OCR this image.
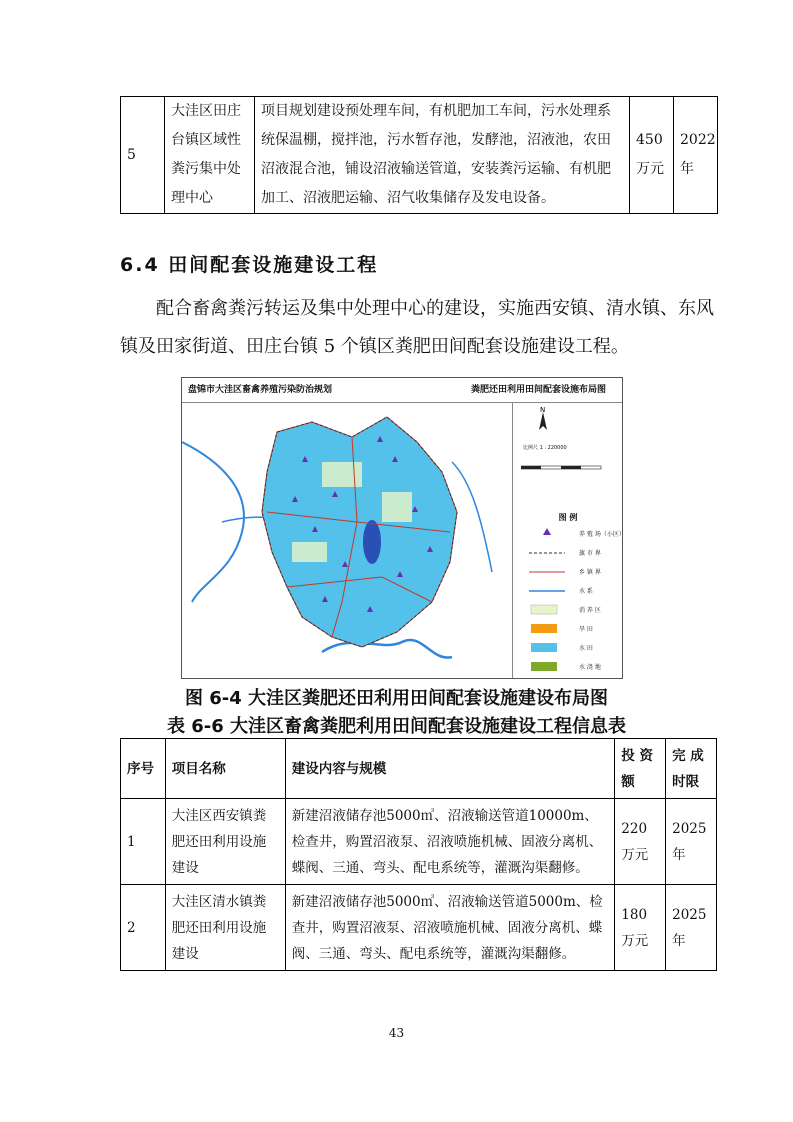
5	大洼区田庄台镇区域性粪污集中处理中心	项目规划建设预处理车间，有机肥加工车间，污水处理系统保温棚，搅拌池，污水暂存池，发酵池，沼液池，农田沼液混合池，铺设沼液输送管道，安装粪污运输、有机肥加工、沼液肥运输、沼气收集储存及发电设备。	450万元	2022年
6.4 田间配套设施建设工程

配合畜禽粪污转运及集中处理中心的建设，实施西安镇、清水镇、东风镇及田家街道、田庄台镇 5 个镇区粪肥田间配套设施建设工程。

盘锦市大洼区畜禽养殖污染防治规划	粪肥还田利用田间配套设施布局图
N
比例尺 1 : 220000
图 例
养 殖 场（小区）
旗 市 界
乡 镇 界
水 系
消 养 区
旱 田
水 田
水 浇 地
图 6-4 大洼区粪肥还田利用田间配套设施建设布局图
表 6-6 大洼区畜禽粪肥利用田间配套设施建设工程信息表
序号	项目名称	建设内容与规模	投 资额	完 成时限
1	大洼区西安镇粪肥还田利用设施建设	新建沼液储存池5000㎥、沼液输送管道10000m、检查井，购置沼液泵、沼液喷施机械、固液分离机、蝶阀、三通、弯头、配电系统等，灌溉沟渠翻修。	220万元	2025年
2	大洼区清水镇粪肥还田利用设施建设	新建沼液储存池5000㎥、沼液输送管道5000m、检查井，购置沼液泵、沼液喷施机械、固液分离机、蝶阀、三通、弯头、配电系统等，灌溉沟渠翻修。	180万元	2025年
43
